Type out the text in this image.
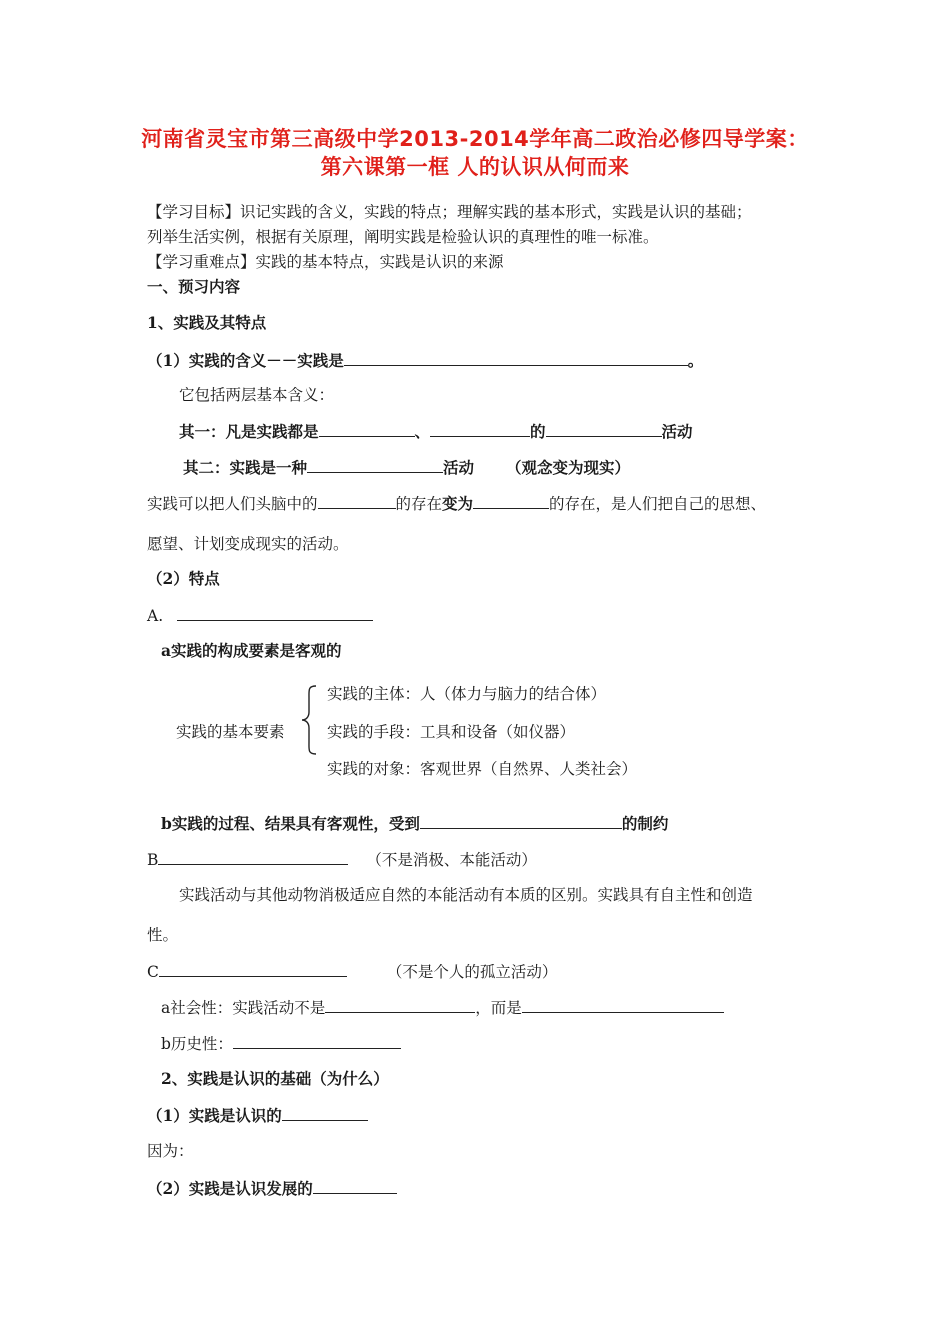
河南省灵宝市第三高级中学2013-2014学年高二政治必修四导学案：
第六课第一框 人的认识从何而来
【学习目标】识记实践的含义，实践的特点；理解实践的基本形式，实践是认识的基础；
列举生活实例，根据有关原理，阐明实践是检验认识的真理性的唯一标准。
【学习重难点】实践的基本特点，实践是认识的来源
一、预习内容
1、实践及其特点
（1）实践的含义－－实践是	。
它包括两层基本含义：
其一：凡是实践都是	、	的	活动
其二：实践是一种	活动 （观念变为现实）
实践可以把人们头脑中的	的存在变为	的存在，是人们把自己的思想、
愿望、计划变成现实的活动。
（2）特点
A.
a实践的构成要素是客观的
实践的基本要素
实践的主体：人（体力与脑力的结合体）
实践的手段：工具和设备（如仪器）
实践的对象：客观世界（自然界、人类社会）
b实践的过程、结果具有客观性，受到	的制约
B	（不是消极、本能活动）
实践活动与其他动物消极适应自然的本能活动有本质的区别。实践具有自主性和创造
性。
C	（不是个人的孤立活动）
a社会性：实践活动不是	，而是
b历史性：
2、实践是认识的基础（为什么）
（1）实践是认识的
因为：
（2）实践是认识发展的
